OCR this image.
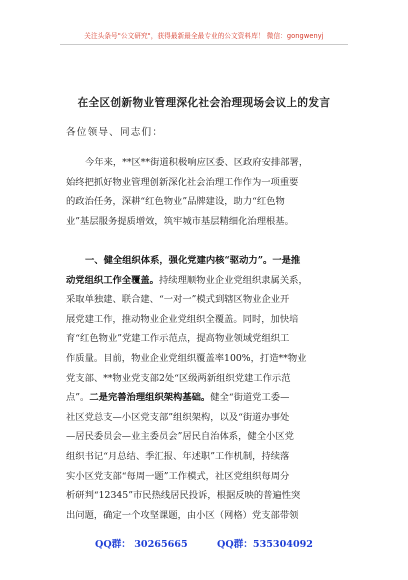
关注头条号"公文研究"，获得最新最全最专业的公文资料库！ 微信：gongwenyj
在全区创新物业管理深化社会治理现场会议上的发言
各位领导、同志们：
今年来，**区**街道积极响应区委、区政府安排部署，
始终把抓好物业管理创新深化社会治理工作作为一项重要
的政治任务，深耕“红色物业”品牌建设，助力“红色物
业”基层服务提质增效，筑牢城市基层精细化治理根基。
一、健全组织体系，强化党建内核“驱动力”。一是推
动党组织工作全覆盖。持续理顺物业企业党组织隶属关系，
采取单独建、联合建、“一对一”模式到辖区物业企业开
展党建工作，推动物业企业党组织全覆盖。同时，加快培
育“红色物业”党建工作示范点，提高物业领域党组织工
作质量。目前，物业企业党组织覆盖率100%，打造**物业
党支部、**物业党支部2处“区级两新组织党建工作示范
点”。二是完善治理组织架构基础。健全“街道党工委—
社区党总支—小区党支部”组织架构，以及“街道办事处
—居民委员会—业主委员会”居民自治体系，健全小区党
组织书记“月总结、季汇报、年述职”工作机制，持续落
实小区党支部“每周一题”工作模式，社区党组织每周分
析研判“12345”市民热线居民投诉，根据反映的普遍性突
出问题，确定一个攻坚课题，由小区（网格）党支部带领
QQ群： 30265665	QQ群：535304092
